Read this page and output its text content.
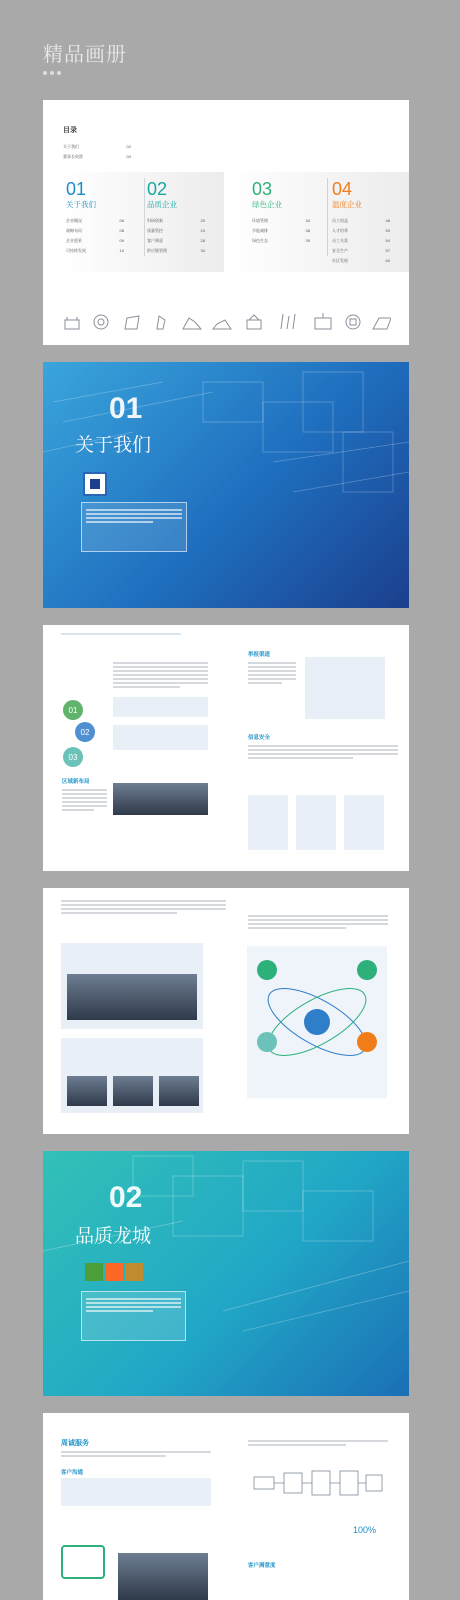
精品画册
目录
关于我们	02
董事长致辞	04
01
关于我们
企业概况	06
战略布局	08
企业愿景	09
可持续发展	10
02
品质企业
科研创新	20
质量管控	24
客户满意	28
供应链管理	34
03
绿色企业
环境管理	34
节能减排	38
绿色生态	39
04
温度企业
员工权益	48
人才培养	50
员工关爱	54
安全生产	57
社区发展	60
01
关于我们
01
02
03
区域新布局
举报渠道
信息安全
02
品质龙城
周诚服务
客户沟通
100%
客户满意度
